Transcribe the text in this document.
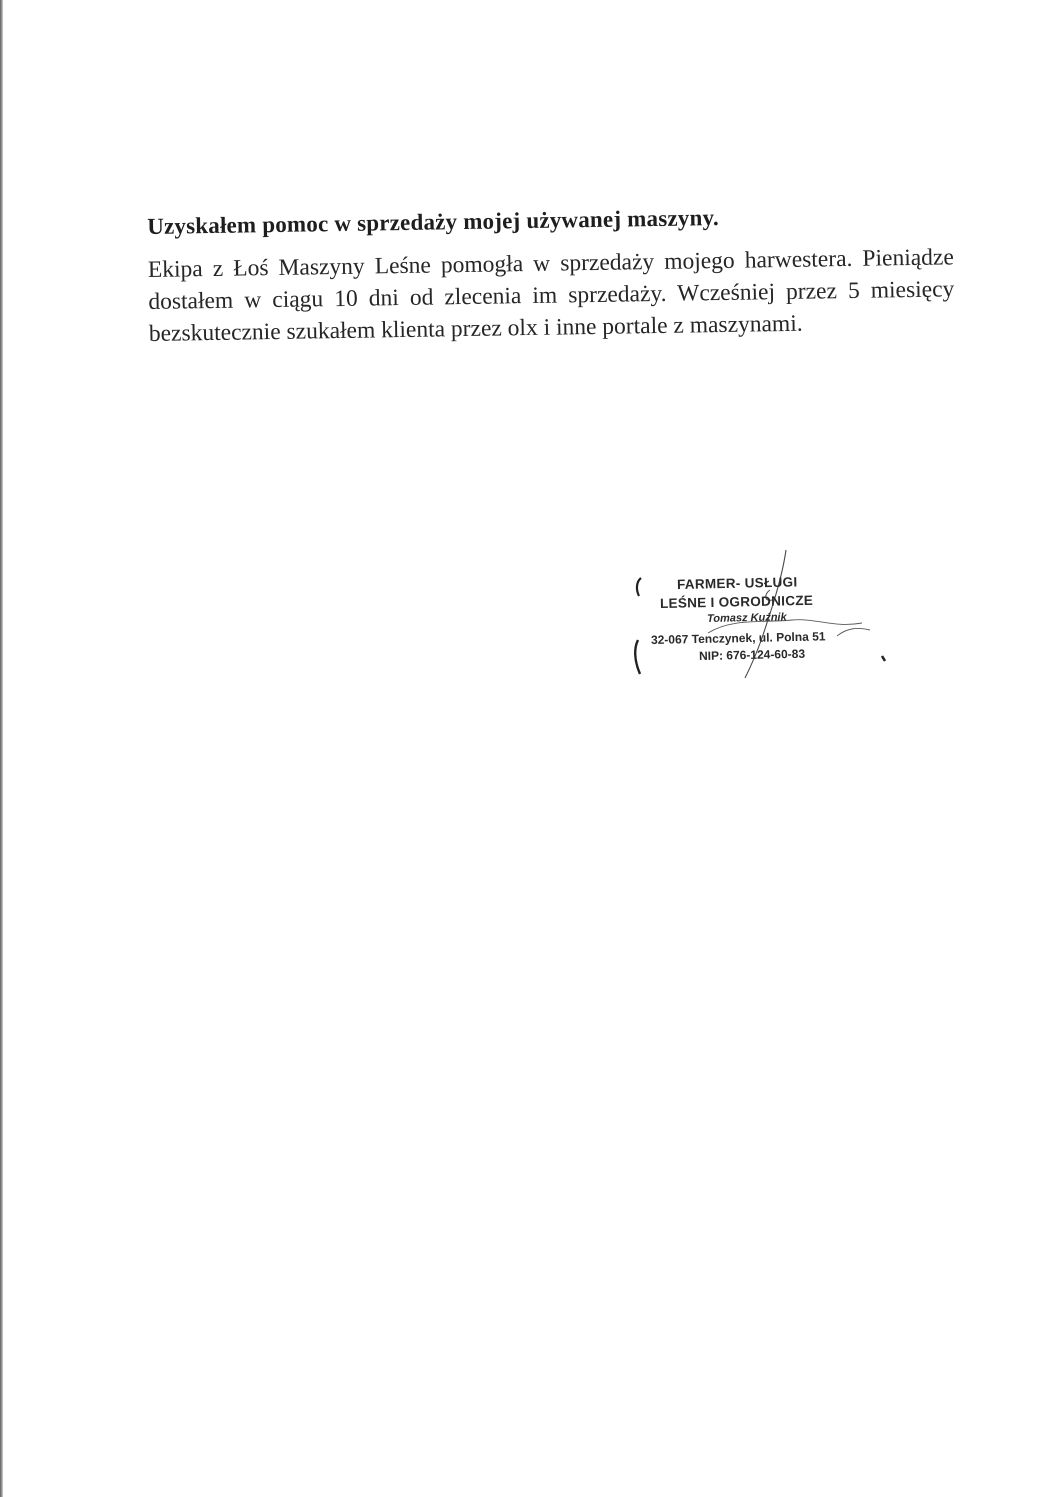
Uzyskałem pomoc w sprzedaży mojej używanej maszyny.

Ekipa z Łoś Maszyny Leśne pomogła w sprzedaży mojego harwestera. Pieniądze dostałem w ciągu 10 dni od zlecenia im sprzedaży. Wcześniej przez 5 miesięcy bezskutecznie szukałem klienta przez olx i inne portale z maszynami.

FARMER- USŁUGI
LEŚNE I OGRODNICZE
Tomasz Kuźnik
32-067 Tenczynek, ul. Polna 51
NIP: 676-124-60-83
